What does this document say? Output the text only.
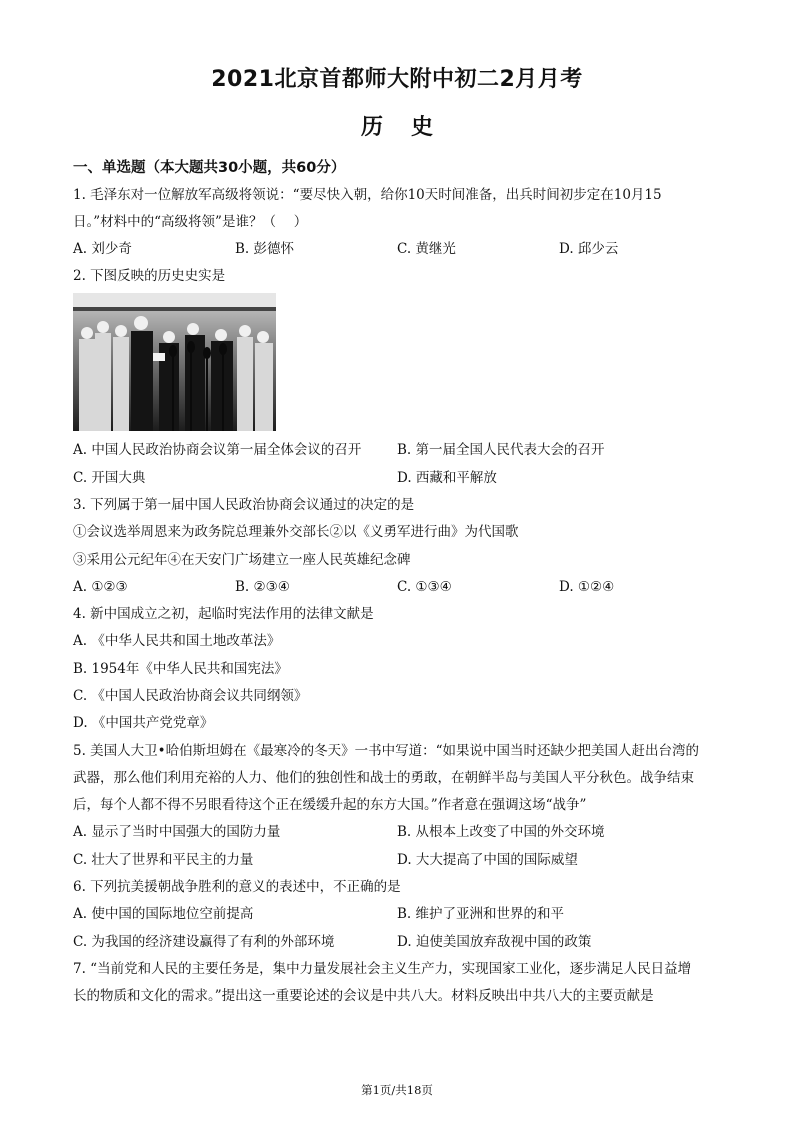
2021北京首都师大附中初二2月月考
历史
一、单选题（本大题共30小题，共60分）
1. 毛泽东对一位解放军高级将领说：“要尽快入朝，给你10天时间准备，出兵时间初步定在10月15
日。”材料中的“高级将领”是谁？（　 ）
A. 刘少奇	B. 彭德怀	C. 黄继光	D. 邱少云
2. 下图反映的历史史实是
A. 中国人民政治协商会议第一届全体会议的召开	B. 第一届全国人民代表大会的召开
C. 开国大典	D. 西藏和平解放
3. 下列属于第一届中国人民政治协商会议通过的决定的是
①会议选举周恩来为政务院总理兼外交部长②以《义勇军进行曲》为代国歌
③采用公元纪年④在天安门广场建立一座人民英雄纪念碑
A. ①②③	B. ②③④	C. ①③④	D. ①②④
4. 新中国成立之初，起临时宪法作用的法律文献是
A. 《中华人民共和国土地改革法》
B. 1954年《中华人民共和国宪法》
C. 《中国人民政治协商会议共同纲领》
D. 《中国共产党党章》
5. 美国人大卫•哈伯斯坦姆在《最寒冷的冬天》一书中写道：“如果说中国当时还缺少把美国人赶出台湾的
武器，那么他们利用充裕的人力、他们的独创性和战士的勇敢，在朝鲜半岛与美国人平分秋色。战争结束
后，每个人都不得不另眼看待这个正在缓缓升起的东方大国。”作者意在强调这场“战争”
A. 显示了当时中国强大的国防力量	B. 从根本上改变了中国的外交环境
C. 壮大了世界和平民主的力量	D. 大大提高了中国的国际威望
6. 下列抗美援朝战争胜利的意义的表述中，不正确的是
A. 使中国的国际地位空前提高	B. 维护了亚洲和世界的和平
C. 为我国的经济建设赢得了有利的外部环境	D. 迫使美国放弃敌视中国的政策
7. “当前党和人民的主要任务是，集中力量发展社会主义生产力，实现国家工业化，逐步满足人民日益增
长的物质和文化的需求。”提出这一重要论述的会议是中共八大。材料反映出中共八大的主要贡献是
第1页/共18页
